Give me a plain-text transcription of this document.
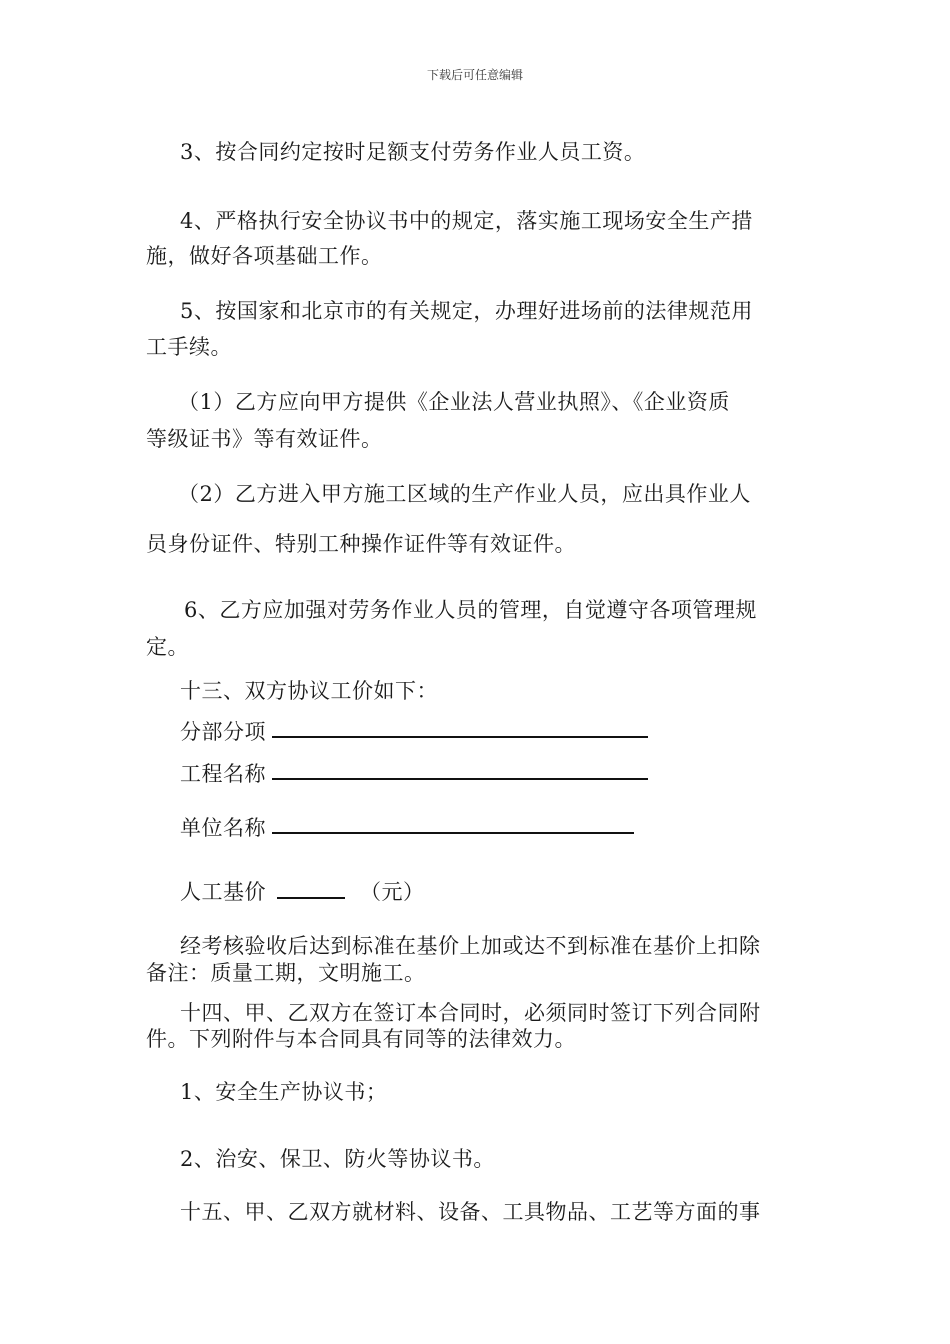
下载后可任意编辑

3、按合同约定按时足额支付劳务作业人员工资。

4、严格执行安全协议书中的规定，落实施工现场安全生产措

施，做好各项基础工作。

5、按国家和北京市的有关规定，办理好进场前的法律规范用

工手续。

（1）乙方应向甲方提供《企业法人营业执照》、《企业资质

等级证书》等有效证件。

（2）乙方进入甲方施工区域的生产作业人员，应出具作业人

员身份证件、特别工种操作证件等有效证件。

6、乙方应加强对劳务作业人员的管理，自觉遵守各项管理规

定。

十三、双方协议工价如下：

分部分项

工程名称

单位名称

人工基价	（元）

经考核验收后达到标准在基价上加或达不到标准在基价上扣除

备注：质量工期，文明施工。

十四、甲、乙双方在签订本合同时，必须同时签订下列合同附

件。下列附件与本合同具有同等的法律效力。

1、安全生产协议书；

2、治安、保卫、防火等协议书。

十五、甲、乙双方就材料、设备、工具物品、工艺等方面的事
